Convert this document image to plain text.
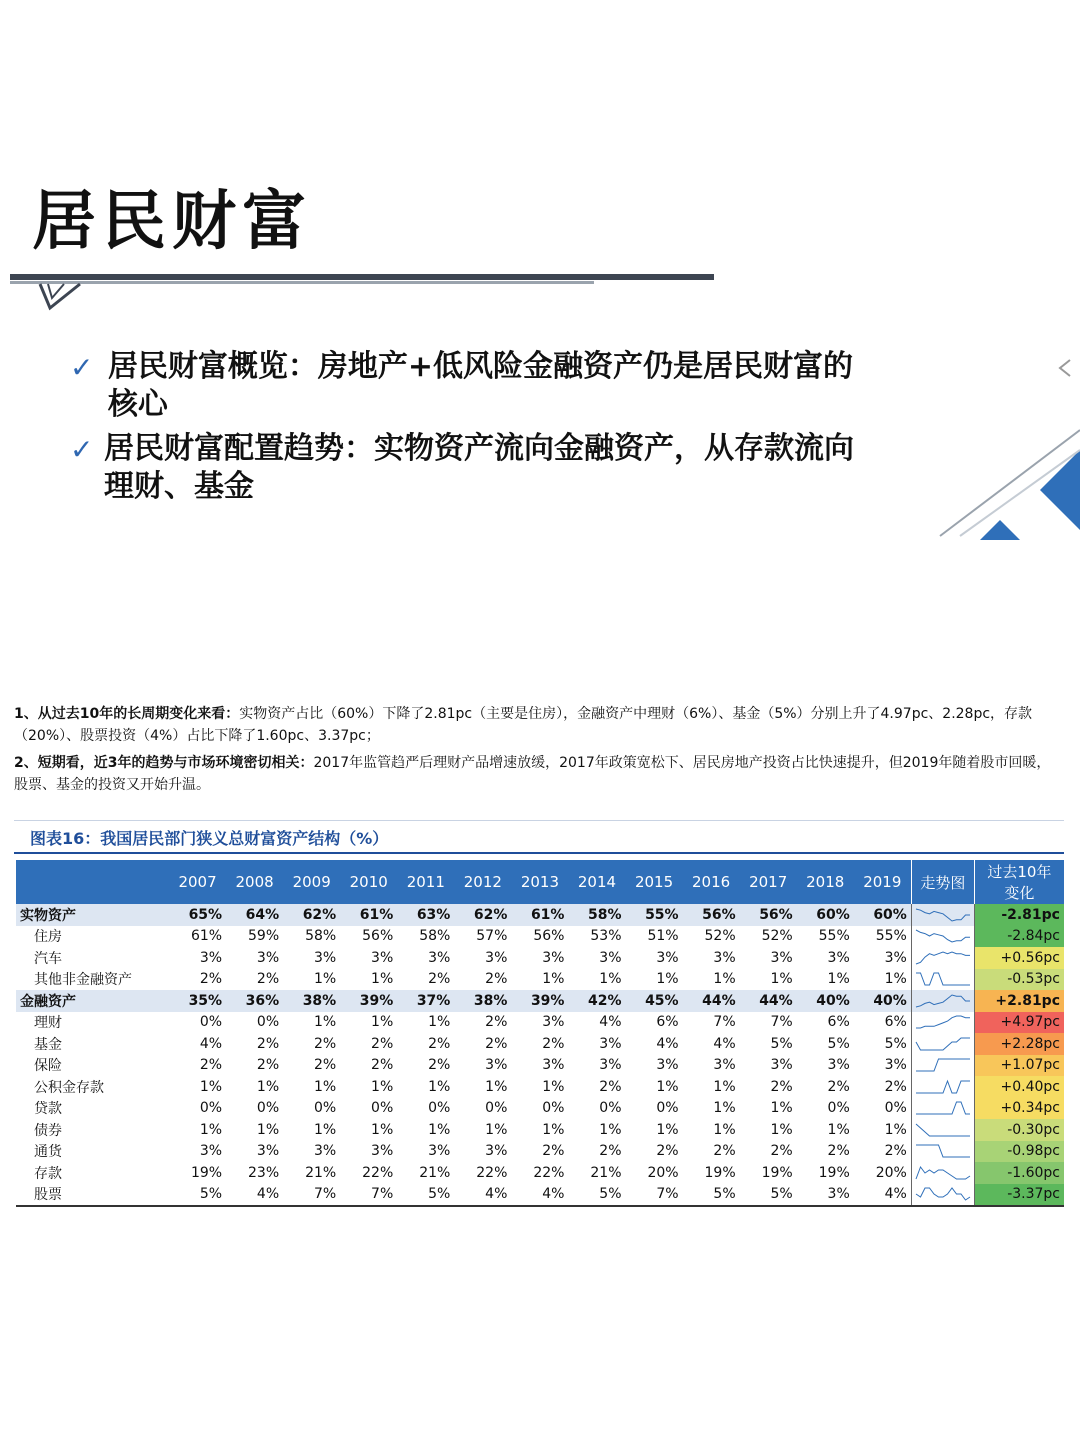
居民财富
✓ 居民财富概览：房地产+低风险金融资产仍是居民财富的核心
✓ 居民财富配置趋势：实物资产流向金融资产，从存款流向理财、基金
1、从过去10年的长周期变化来看：实物资产占比（60%）下降了2.81pc（主要是住房），金融资产中理财（6%）、基金（5%）分别上升了4.97pc、2.28pc，存款（20%）、股票投资（4%）占比下降了1.60pc、3.37pc；
2、短期看，近3年的趋势与市场环境密切相关：2017年监管趋严后理财产品增速放缓，2017年政策宽松下、居民房地产投资占比快速提升，但2019年随着股市回暖，股票、基金的投资又开始升温。
图表16：我国居民部门狭义总财富资产结构（%）
	2007	2008	2009	2010	2011	2012	2013	2014	2015	2016	2017	2018	2019	走势图	过去10年
变化

实物资产	65%	64%	62%	61%	63%	62%	61%	58%	55%	56%	56%	60%	60%		-2.81pc
住房	61%	59%	58%	56%	58%	57%	56%	53%	51%	52%	52%	55%	55%		-2.84pc
汽车	3%	3%	3%	3%	3%	3%	3%	3%	3%	3%	3%	3%	3%		+0.56pc
其他非金融资产	2%	2%	1%	1%	2%	2%	1%	1%	1%	1%	1%	1%	1%		-0.53pc
金融资产	35%	36%	38%	39%	37%	38%	39%	42%	45%	44%	44%	40%	40%		+2.81pc
理财	0%	0%	1%	1%	1%	2%	3%	4%	6%	7%	7%	6%	6%		+4.97pc
基金	4%	2%	2%	2%	2%	2%	2%	3%	4%	4%	5%	5%	5%		+2.28pc
保险	2%	2%	2%	2%	2%	3%	3%	3%	3%	3%	3%	3%	3%		+1.07pc
公积金存款	1%	1%	1%	1%	1%	1%	1%	2%	1%	1%	2%	2%	2%		+0.40pc
贷款	0%	0%	0%	0%	0%	0%	0%	0%	0%	1%	1%	0%	0%		+0.34pc
债券	1%	1%	1%	1%	1%	1%	1%	1%	1%	1%	1%	1%	1%		-0.30pc
通货	3%	3%	3%	3%	3%	3%	2%	2%	2%	2%	2%	2%	2%		-0.98pc
存款	19%	23%	21%	22%	21%	22%	22%	21%	20%	19%	19%	19%	20%		-1.60pc
股票	5%	4%	7%	7%	5%	4%	4%	5%	7%	5%	5%	3%	4%		-3.37pc
